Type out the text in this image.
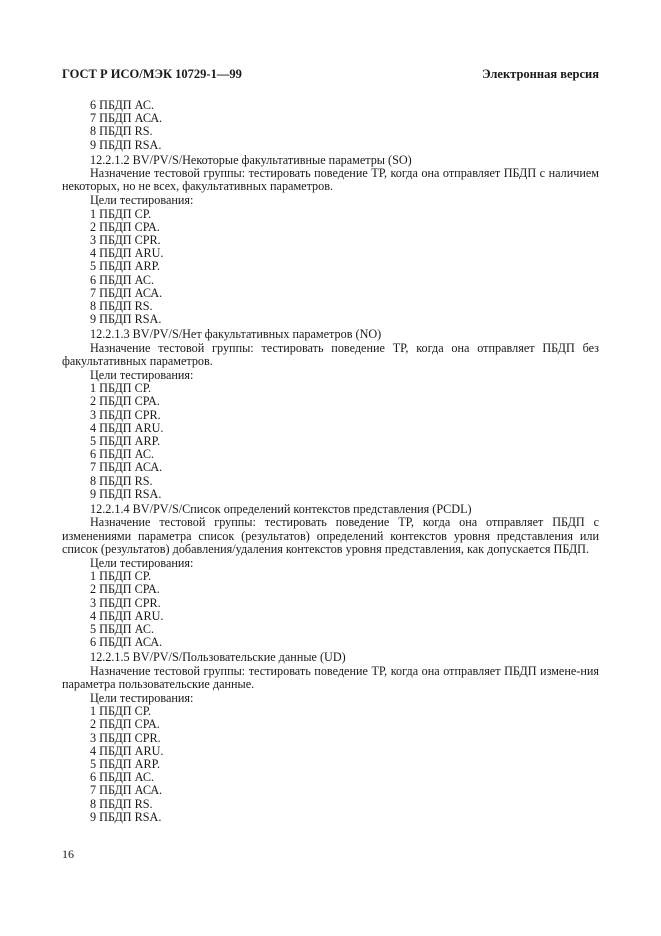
ГОСТ Р ИСО/МЭК 10729-1—99	Электронная версия
6 ПБДП АС.
7 ПБДП АСА.
8 ПБДП RS.
9 ПБДП RSA.
12.2.1.2 BV/PV/S/Некоторые факультативные параметры (SO)
Назначение тестовой группы: тестировать поведение ТР, когда она отправляет ПБДП с наличием некоторых, но не всех, факультативных параметров.
Цели тестирования:
1 ПБДП СР.
2 ПБДП СРА.
3 ПБДП CPR.
4 ПБДП ARU.
5 ПБДП ARP.
6 ПБДП АС.
7 ПБДП АСА.
8 ПБДП RS.
9 ПБДП RSA.
12.2.1.3 BV/PV/S/Нет факультативных параметров (NO)
Назначение тестовой группы: тестировать поведение ТР, когда она отправляет ПБДП без факультативных параметров.
Цели тестирования:
1 ПБДП СР.
2 ПБДП СРА.
3 ПБДП CPR.
4 ПБДП ARU.
5 ПБДП ARP.
6 ПБДП АС.
7 ПБДП АСА.
8 ПБДП RS.
9 ПБДП RSA.
12.2.1.4 BV/PV/S/Список определений контекстов представления (PCDL)
Назначение тестовой группы: тестировать поведение ТР, когда она отправляет ПБДП с изменениями параметра список (результатов) определений контекстов уровня представления или список (результатов) добавления/удаления контекстов уровня представления, как допускается ПБДП.
Цели тестирования:
1 ПБДП СР.
2 ПБДП СРА.
3 ПБДП CPR.
4 ПБДП ARU.
5 ПБДП АС.
6 ПБДП АСА.
12.2.1.5 BV/PV/S/Пользовательские данные (UD)
Назначение тестовой группы: тестировать поведение ТР, когда она отправляет ПБДП измене-ния параметра пользовательские данные.
Цели тестирования:
1 ПБДП СР.
2 ПБДП СРА.
3 ПБДП CPR.
4 ПБДП ARU.
5 ПБДП ARP.
6 ПБДП АС.
7 ПБДП АСА.
8 ПБДП RS.
9 ПБДП RSA.
16
